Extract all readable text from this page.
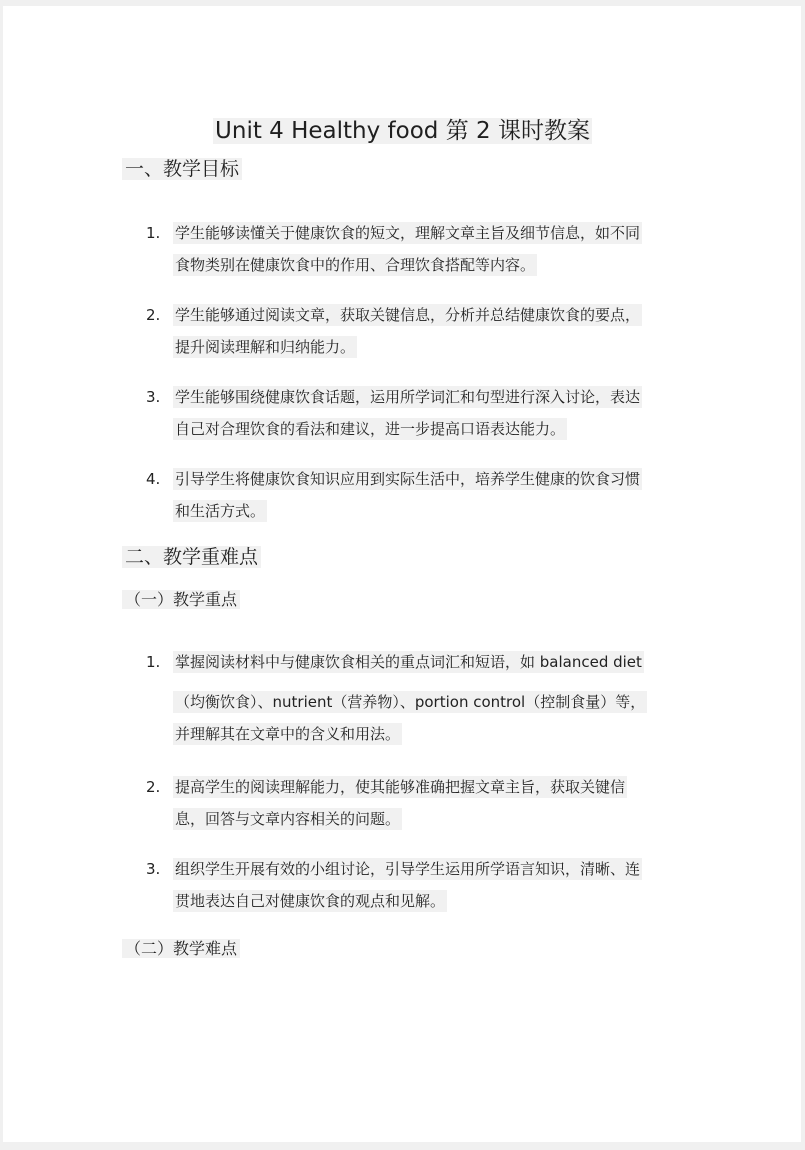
Unit 4 Healthy food 第 2 课时教案
一、教学目标
1. 学生能够读懂关于健康饮食的短文，理解文章主旨及细节信息，如不同
食物类别在健康饮食中的作用、合理饮食搭配等内容。
2. 学生能够通过阅读文章，获取关键信息，分析并总结健康饮食的要点，
提升阅读理解和归纳能力。
3. 学生能够围绕健康饮食话题，运用所学词汇和句型进行深入讨论，表达
自己对合理饮食的看法和建议，进一步提高口语表达能力。
4. 引导学生将健康饮食知识应用到实际生活中，培养学生健康的饮食习惯
和生活方式。
二、教学重难点
（一）教学重点
1. 掌握阅读材料中与健康饮食相关的重点词汇和短语，如 balanced diet
（均衡饮食）、nutrient（营养物）、portion control（控制食量）等，
并理解其在文章中的含义和用法。
2. 提高学生的阅读理解能力，使其能够准确把握文章主旨，获取关键信
息，回答与文章内容相关的问题。
3. 组织学生开展有效的小组讨论，引导学生运用所学语言知识，清晰、连
贯地表达自己对健康饮食的观点和见解。
（二）教学难点
